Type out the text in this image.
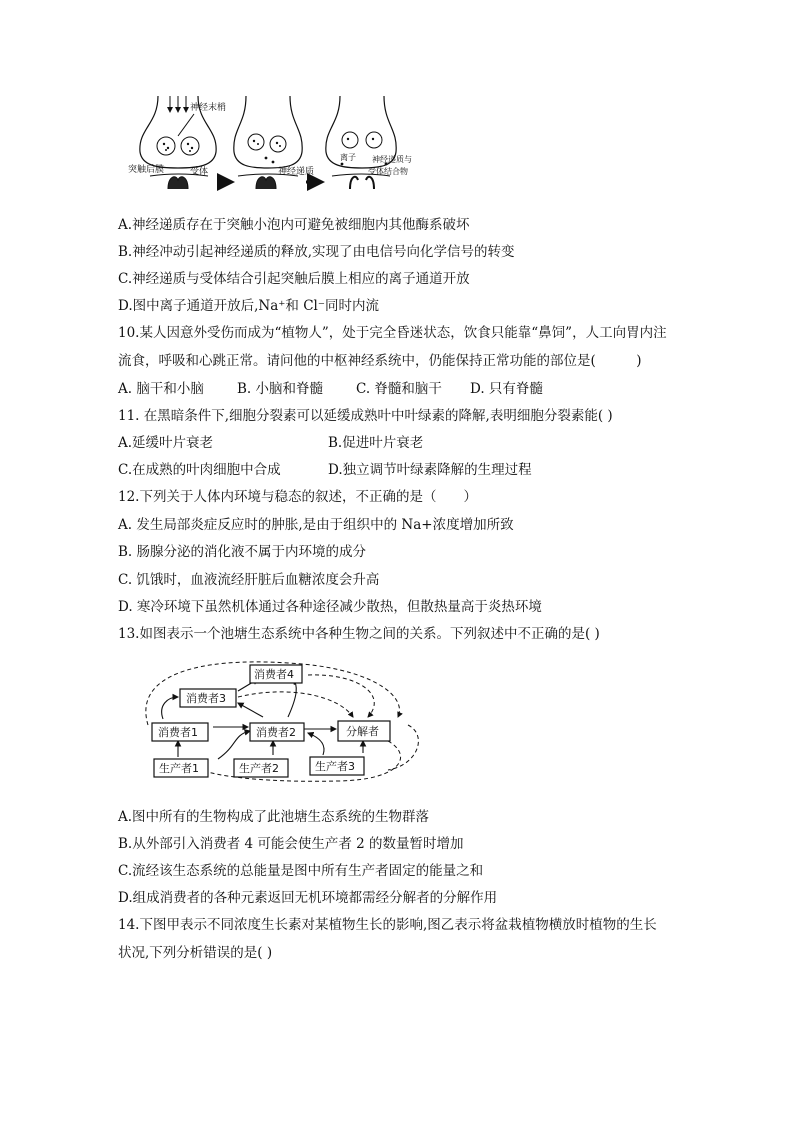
神经末梢
突触后膜	受体	神经递质
离子 神经递质与
受体结合物
A.神经递质存在于突触小泡内可避免被细胞内其他酶系破坏
B.神经冲动引起神经递质的释放,实现了由电信号向化学信号的转变
C.神经递质与受体结合引起突触后膜上相应的离子通道开放
D.图中离子通道开放后,Na⁺和 Cl⁻同时内流
10.某人因意外受伤而成为“植物人”，处于完全昏迷状态，饮食只能靠“鼻饲”，人工向胃内注
流食，呼吸和心跳正常。请问他的中枢神经系统中，仍能保持正常功能的部位是(　　　)
A. 脑干和小脑 B. 小脑和脊髓 C. 脊髓和脑干 D. 只有脊髓
11. 在黑暗条件下,细胞分裂素可以延缓成熟叶中叶绿素的降解,表明细胞分裂素能( )
A.延缓叶片衰老	B.促进叶片衰老
C.在成熟的叶肉细胞中合成	D.独立调节叶绿素降解的生理过程
12.下列关于人体内环境与稳态的叙述，不正确的是（　　）
A. 发生局部炎症反应时的肿胀,是由于组织中的 Na+浓度增加所致
B. 肠腺分泌的消化液不属于内环境的成分
C. 饥饿时，血液流经肝脏后血糖浓度会升高
D. 寒冷环境下虽然机体通过各种途径减少散热，但散热量高于炎热环境
13.如图表示一个池塘生态系统中各种生物之间的关系。下列叙述中不正确的是( )
消费者4
消费者3
消费者1	消费者2	分解者
生产者1	生产者2	生产者3
A.图中所有的生物构成了此池塘生态系统的生物群落
B.从外部引入消费者 4 可能会使生产者 2 的数量暂时增加
C.流经该生态系统的总能量是图中所有生产者固定的能量之和
D.组成消费者的各种元素返回无机环境都需经分解者的分解作用
14.下图甲表示不同浓度生长素对某植物生长的影响,图乙表示将盆栽植物横放时植物的生长
状况,下列分析错误的是( )
